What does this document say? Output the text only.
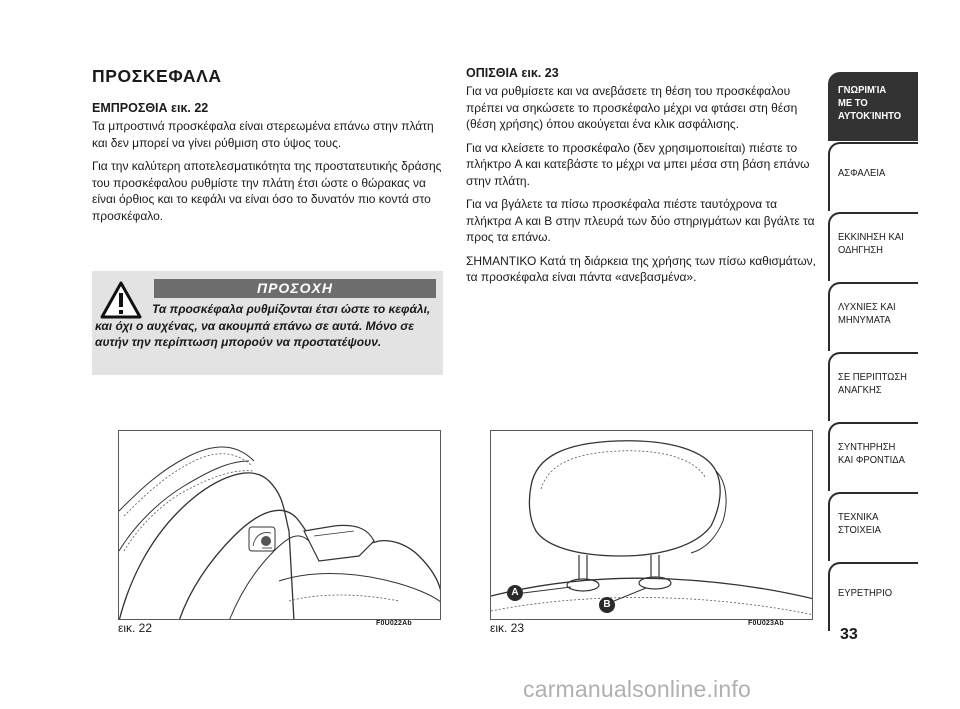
ΠΡΟΣΚΕΦΑΛΑ
ΕΜΠΡΟΣΘΙΑ εικ. 22

Τα μπροστινά προσκέφαλα είναι στερεωμένα επάνω στην πλάτη και δεν μπορεί να γίνει ρύθμιση στο ύψος τους.

Για την καλύτερη αποτελεσματικότητα της προστατευτικής δράσης του προσκέφαλου ρυθμίστε την πλάτη έτσι ώστε ο θώρακας να είναι όρθιος και το κεφάλι να είναι όσο το δυνατόν πιο κοντά στο προσκέφαλο.

ΠΡΟΣΟΧΗ

Τα προσκέφαλα ρυθμίζονται έτσι ώστε το κεφάλι, και όχι ο αυχένας, να ακουμπά επάνω σε αυτά. Μόνο σε αυτήν την περίπτωση μπορούν να προστατέψουν.

ΟΠΙΣΘΙΑ εικ. 23

Για να ρυθμίσετε και να ανεβάσετε τη θέση του προσκέφαλου πρέπει να σηκώσετε το προσκέφαλο μέχρι να φτάσει στη θέση (θέση χρήσης) όπου ακούγεται ένα κλικ ασφάλισης.

Για να κλείσετε το προσκέφαλο (δεν χρησιμοποιείται) πιέστε το πλήκτρο A και κατεβάστε το μέχρι να μπει μέσα στη βάση επάνω στην πλάτη.

Για να βγάλετε τα πίσω προσκέφαλα πιέστε ταυτόχρονα τα πλήκτρα A και B στην πλευρά των δύο στηριγμάτων και βγάλτε τα προς τα επάνω.

ΣΗΜΑΝΤΙΚΟ Κατά τη διάρκεια της χρήσης των πίσω καθισμάτων, τα προσκέφαλα είναι πάντα «ανεβασμένα».

εικ. 22	F0U022Ab
A
B
εικ. 23	F0U023Ab
ΓΝΩΡΙΜΊΑ
ΜΕ ΤΟ
ΑΥΤΟΚΊΝΗΤΟ
ΑΣΦΑΛΕΙΑ
ΕΚΚΙΝΗΣΗ ΚΑΙ
ΟΔΗΓΗΣΗ
ΛΥΧΝΙΕΣ ΚΑΙ
ΜΗΝΥΜΑΤΑ
ΣΕ ΠΕΡΙΠΤΩΣΗ
ΑΝΑΓΚΗΣ
ΣΥΝΤΗΡΗΣΗ
ΚΑΙ ΦΡΟΝΤΙΔΑ
ΤΕΧΝΙΚΑ
ΣΤΟΙΧΕΙΑ
ΕΥΡΕΤΗΡΙΟ
33
carmanualsonline.info
